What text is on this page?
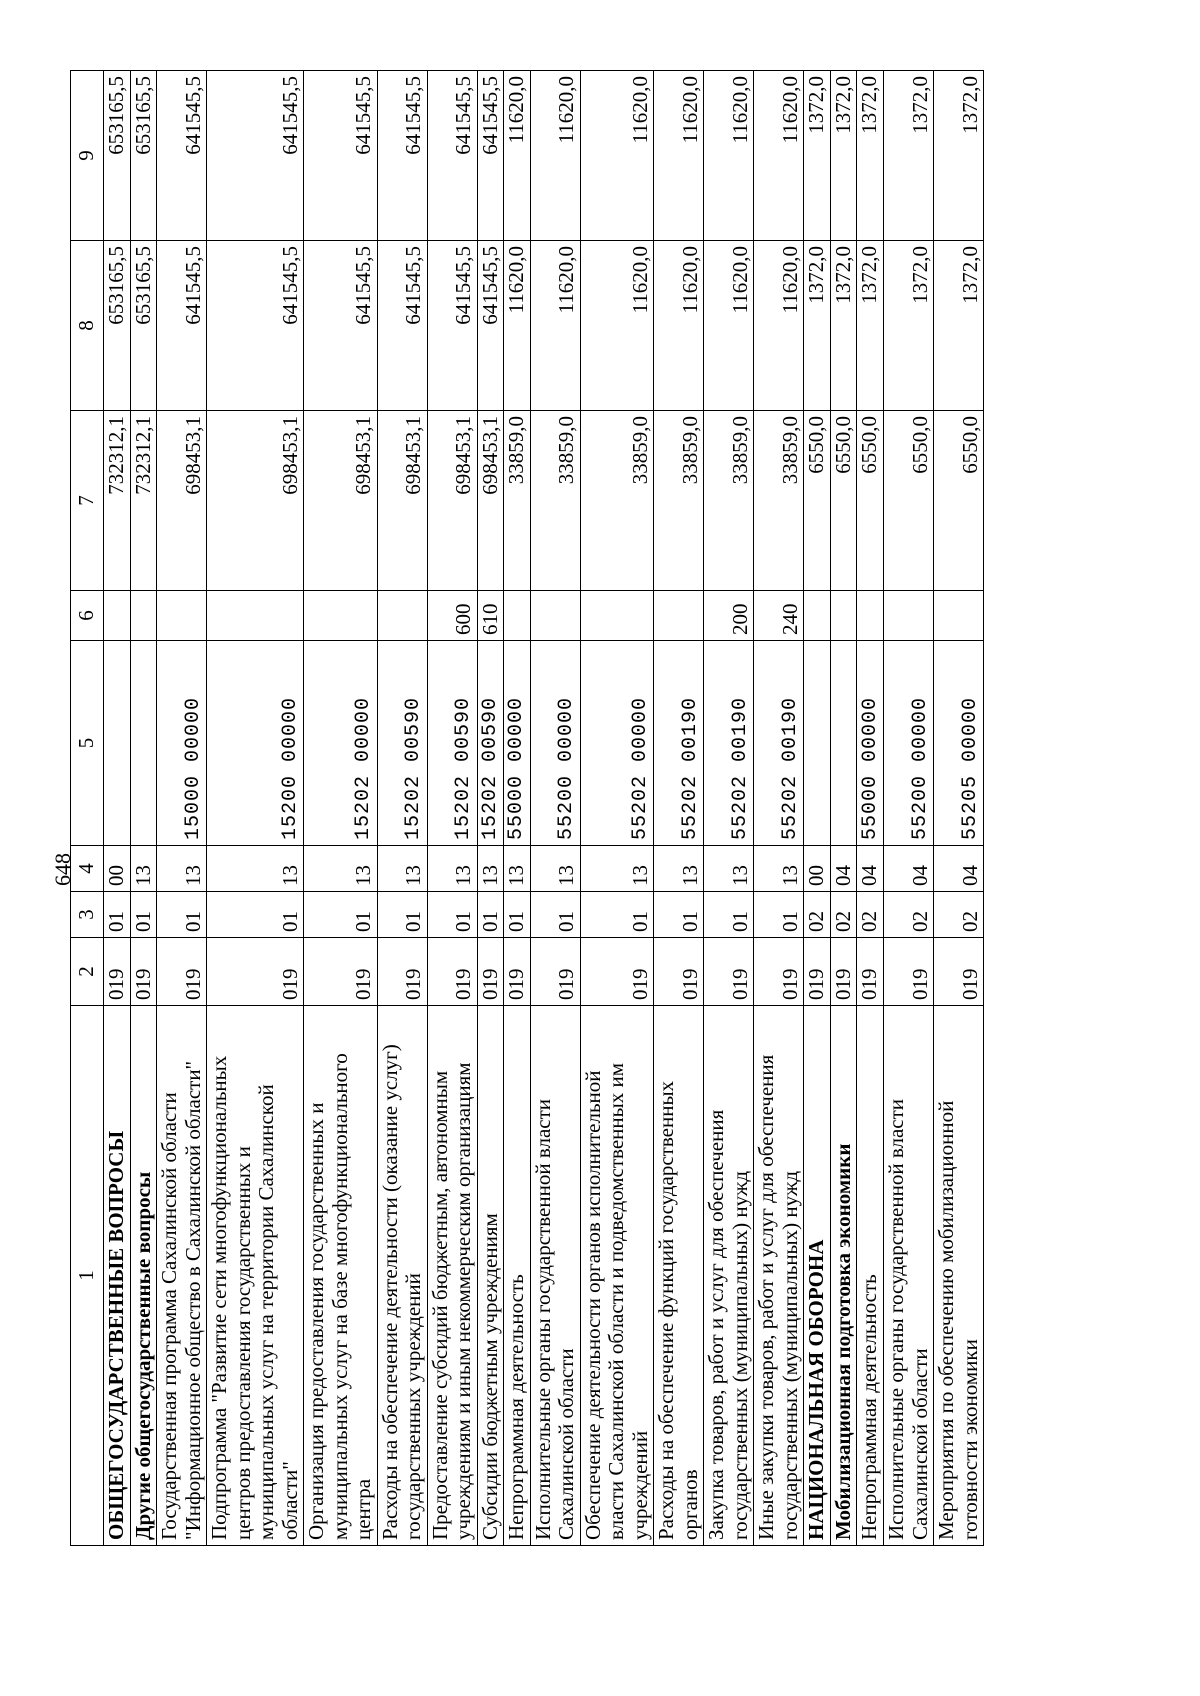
648
1	2	3	4	5	6	7	8	9
ОБЩЕГОСУДАРСТВЕННЫЕ ВОПРОСЫ	019	01	00			732312,1	653165,5	653165,5
Другие общегосударственные вопросы	019	01	13			732312,1	653165,5	653165,5
Государственная программа Сахалинской области "Информационное общество в Сахалинской области"	019	01	13	15000 00000		698453,1	641545,5	641545,5
Подпрограмма "Развитие сети многофункциональных центров предоставления государственных и муниципальных услуг на территории Сахалинской области"	019	01	13	15200 00000		698453,1	641545,5	641545,5
Организация предоставления государственных и муниципальных услуг на базе многофункционального центра	019	01	13	15202 00000		698453,1	641545,5	641545,5
Расходы на обеспечение деятельности (оказание услуг) государственных учреждений	019	01	13	15202 00590		698453,1	641545,5	641545,5
Предоставление субсидий бюджетным, автономным учреждениям и иным некоммерческим организациям	019	01	13	15202 00590	600	698453,1	641545,5	641545,5
Субсидии бюджетным учреждениям	019	01	13	15202 00590	610	698453,1	641545,5	641545,5
Непрограммная деятельность	019	01	13	55000 00000		33859,0	11620,0	11620,0
Исполнительные органы государственной власти Сахалинской области	019	01	13	55200 00000		33859,0	11620,0	11620,0
Обеспечение деятельности органов исполнительной власти Сахалинской области и подведомственных им учреждений	019	01	13	55202 00000		33859,0	11620,0	11620,0
Расходы на обеспечение функций государственных органов	019	01	13	55202 00190		33859,0	11620,0	11620,0
Закупка товаров, работ и услуг для обеспечения государственных (муниципальных) нужд	019	01	13	55202 00190	200	33859,0	11620,0	11620,0
Иные закупки товаров, работ и услуг для обеспечения государственных (муниципальных) нужд	019	01	13	55202 00190	240	33859,0	11620,0	11620,0
НАЦИОНАЛЬНАЯ ОБОРОНА	019	02	00			6550,0	1372,0	1372,0
Мобилизационная подготовка экономики	019	02	04			6550,0	1372,0	1372,0
Непрограммная деятельность	019	02	04	55000 00000		6550,0	1372,0	1372,0
Исполнительные органы государственной власти Сахалинской области	019	02	04	55200 00000		6550,0	1372,0	1372,0
Мероприятия по обеспечению мобилизационной готовности экономики	019	02	04	55205 00000		6550,0	1372,0	1372,0
